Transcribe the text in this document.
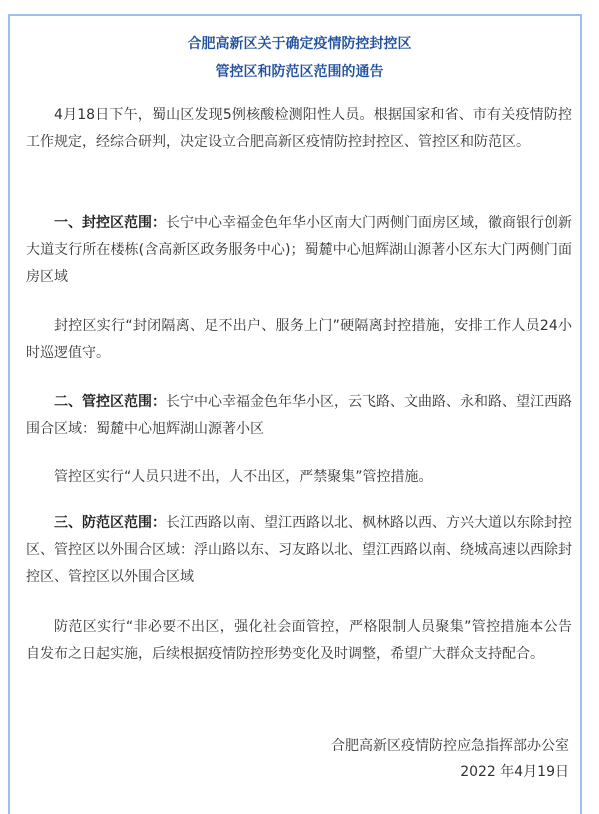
合肥高新区关于确定疫情防控封控区
管控区和防范区范围的通告

4月18日下午，蜀山区发现5例核酸检测阳性人员。根据国家和省、市有关疫情防控工作规定，经综合研判，决定设立合肥高新区疫情防控封控区、管控区和防范区。

一、封控区范围：长宁中心幸福金色年华小区南大门两侧门面房区域，徽商银行创新大道支行所在楼栋(含高新区政务服务中心)；蜀麓中心旭辉湖山源著小区东大门两侧门面房区域

封控区实行“封闭隔离、足不出户、服务上门”硬隔离封控措施，安排工作人员24小时巡逻值守。

二、管控区范围：长宁中心幸福金色年华小区，云飞路、文曲路、永和路、望江西路围合区域：蜀麓中心旭辉湖山源著小区

管控区实行“人员只进不出，人不出区，严禁聚集”管控措施。

三、防范区范围：长江西路以南、望江西路以北、枫林路以西、方兴大道以东除封控区、管控区以外围合区域：浮山路以东、习友路以北、望江西路以南、绕城高速以西除封控区、管控区以外围合区域

防范区实行“非必要不出区，强化社会面管控，严格限制人员聚集”管控措施本公告自发布之日起实施，后续根据疫情防控形势变化及时调整，希望广大群众支持配合。

合肥高新区疫情防控应急指挥部办公室

2022 年4月19日
